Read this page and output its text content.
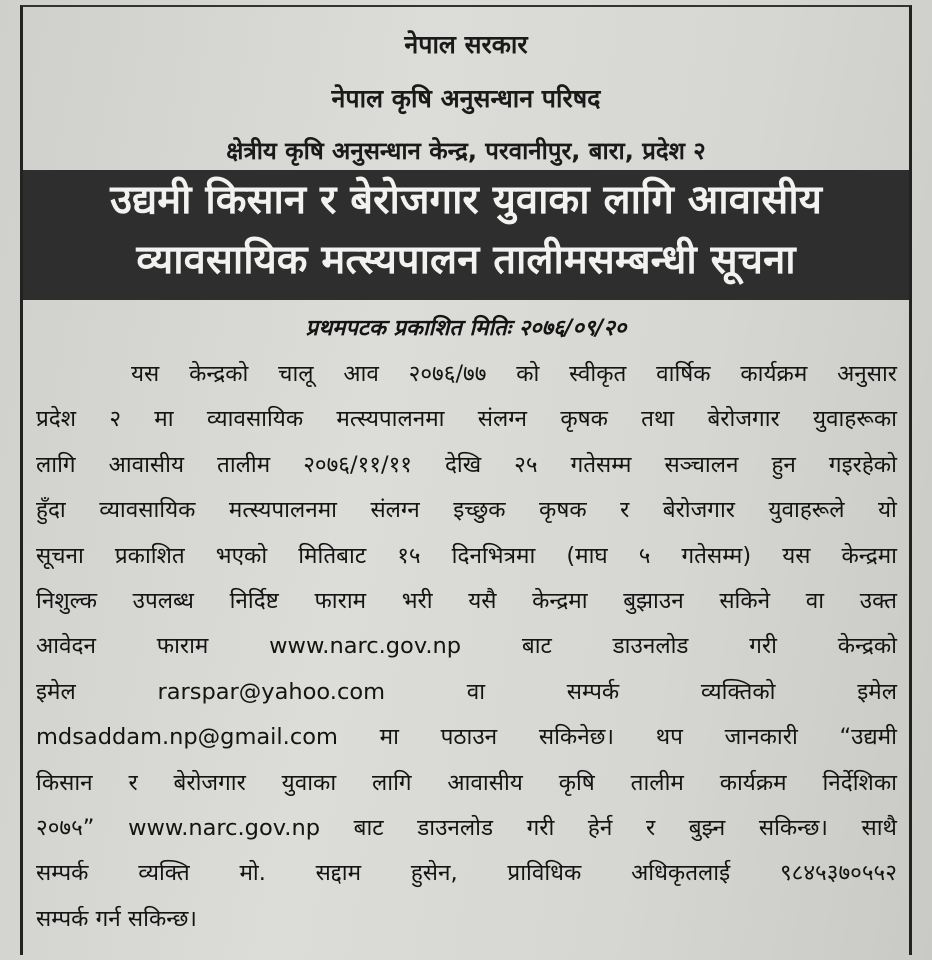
नेपाल सरकार
नेपाल कृषि अनुसन्धान परिषद
क्षेत्रीय कृषि अनुसन्धान केन्द्र, परवानीपुर, बारा, प्रदेश २
उद्यमी किसान र बेरोजगार युवाका लागि आवासीय
व्यावसायिक मत्स्यपालन तालीमसम्बन्धी सूचना
प्रथमपटक प्रकाशित मितिः २०७६/०९/२०
यस केन्द्रको चालू आव २०७६/७७ को स्वीकृत वार्षिक कार्यक्रम अनुसार
प्रदेश २ मा व्यावसायिक मत्स्यपालनमा संलग्न कृषक तथा बेरोजगार युवाहरूका
लागि आवासीय तालीम २०७६/११/११ देखि २५ गतेसम्म सञ्चालन हुन गइरहेको
हुँदा व्यावसायिक मत्स्यपालनमा संलग्न इच्छुक कृषक र बेरोजगार युवाहरूले यो
सूचना प्रकाशित भएको मितिबाट १५ दिनभित्रमा (माघ ५ गतेसम्म) यस केन्द्रमा
निशुल्क उपलब्ध निर्दिष्ट फाराम भरी यसै केन्द्रमा बुझाउन सकिने वा उक्त
आवेदन	फाराम	www.narc.gov.np	बाट	डाउनलोड	गरी	केन्द्रको
इमेल	rarspar@yahoo.com	वा	सम्पर्क	व्यक्तिको	इमेल
mdsaddam.np@gmail.com मा पठाउन सकिनेछ। थप जानकारी “उद्यमी
किसान र बेरोजगार युवाका लागि आवासीय कृषि तालीम कार्यक्रम निर्देशिका
२०७५” www.narc.gov.np बाट डाउनलोड गरी हेर्न र बुझ्न सकिन्छ। साथै
सम्पर्क व्यक्ति मो. सद्दाम हुसेन, प्राविधिक अधिकृतलाई ९८४५३७०५५२
सम्पर्क गर्न सकिन्छ।
